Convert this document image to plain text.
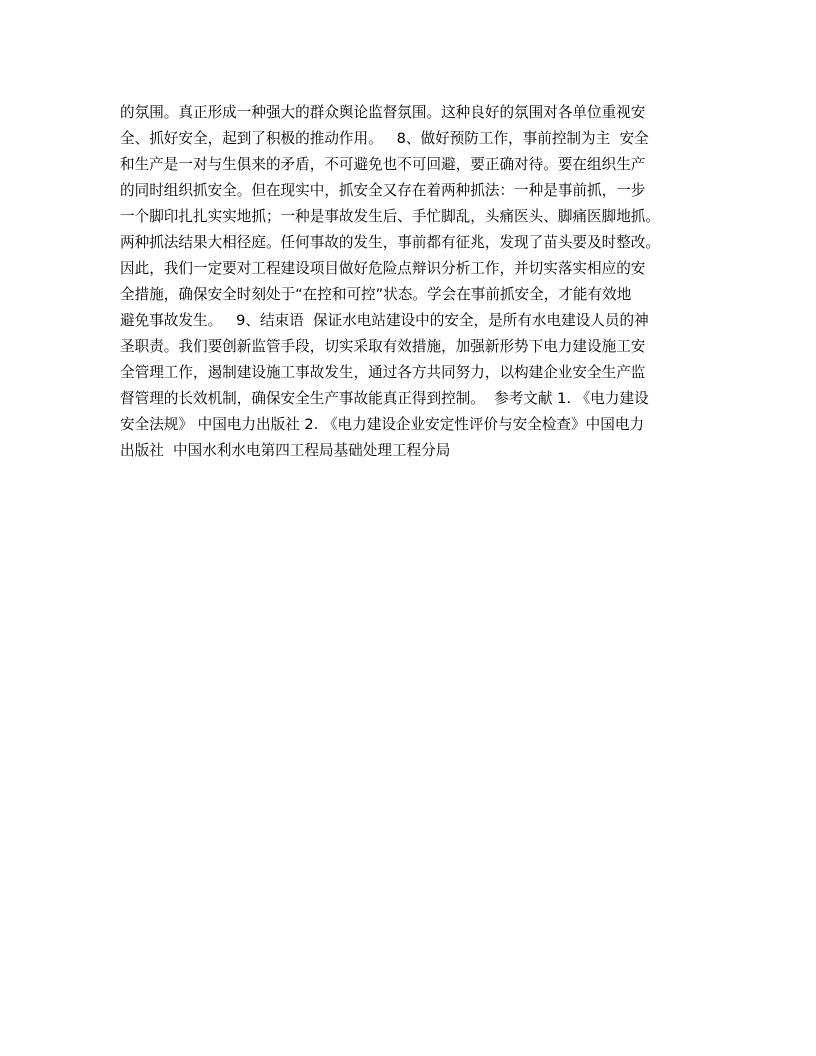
的氛围。真正形成一种强大的群众舆论监督氛围。这种良好的氛围对各单位重视安
全、抓好安全，起到了积极的推动作用。   8、做好预防工作，事前控制为主  安全
和生产是一对与生俱来的矛盾，不可避免也不可回避，要正确对待。要在组织生产
的同时组织抓安全。但在现实中，抓安全又存在着两种抓法：一种是事前抓，一步
一个脚印扎扎实实地抓；一种是事故发生后、手忙脚乱，头痛医头、脚痛医脚地抓。
两种抓法结果大相径庭。任何事故的发生，事前都有征兆，发现了苗头要及时整改。
因此，我们一定要对工程建设项目做好危险点辩识分析工作，并切实落实相应的安
全措施，确保安全时刻处于“在控和可控”状态。学会在事前抓安全，才能有效地
避免事故发生。   9、结束语  保证水电站建设中的安全，是所有水电建设人员的神
圣职责。我们要创新监管手段，切实采取有效措施，加强新形势下电力建设施工安
全管理工作，遏制建设施工事故发生，通过各方共同努力，以构建企业安全生产监
督管理的长效机制，确保安全生产事故能真正得到控制。  参考文献 1. 《电力建设
安全法规》 中国电力出版社 2. 《电力建设企业安定性评价与安全检查》中国电力
出版社  中国水利水电第四工程局基础处理工程分局
